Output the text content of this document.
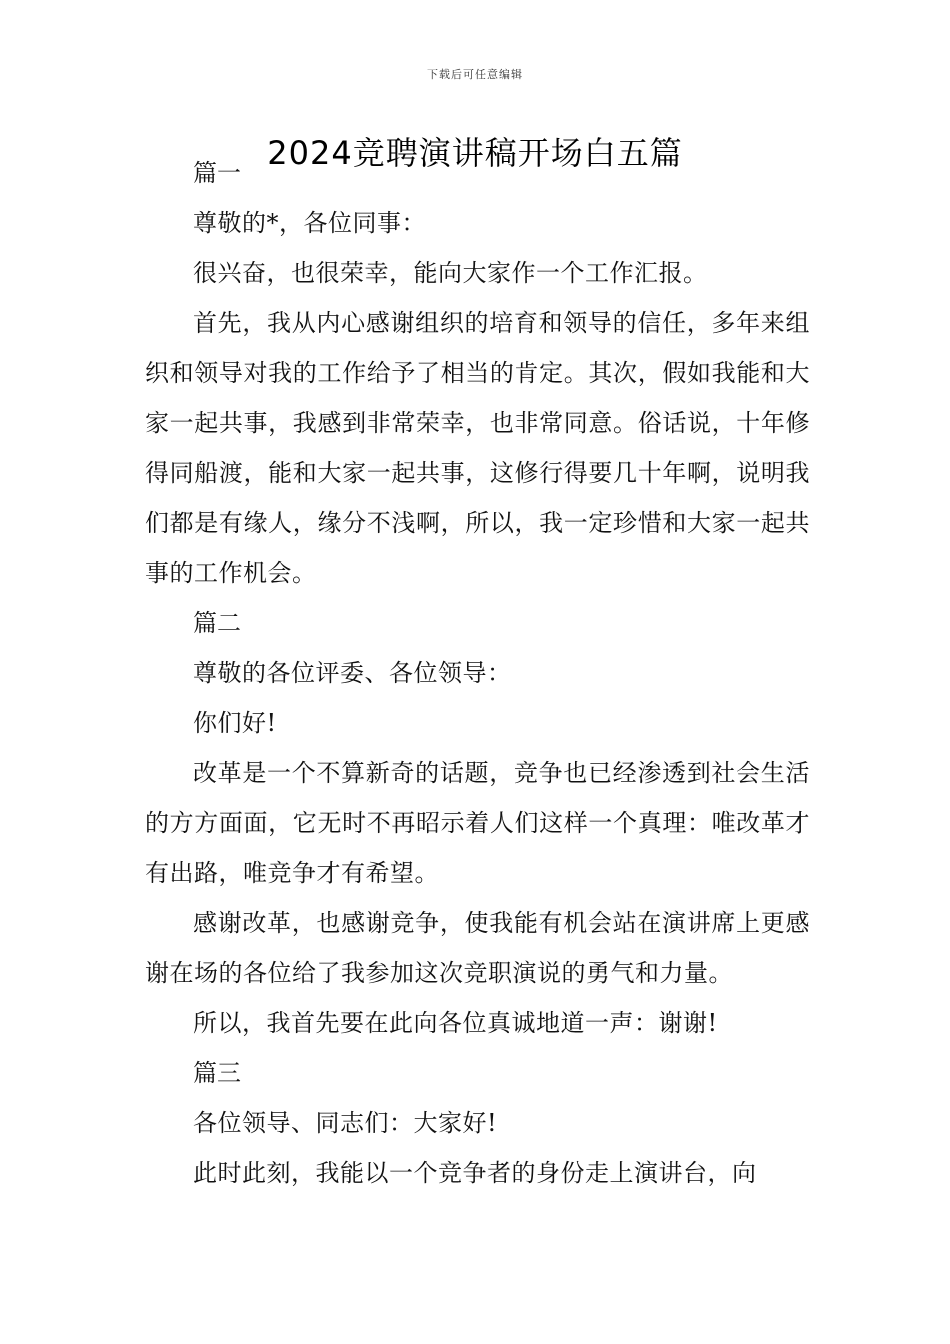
下载后可任意编辑
2024竞聘演讲稿开场白五篇

篇一

尊敬的*，各位同事：

很兴奋，也很荣幸，能向大家作一个工作汇报。

首先，我从内心感谢组织的培育和领导的信任，多年来组织和领导对我的工作给予了相当的肯定。其次，假如我能和大家一起共事，我感到非常荣幸，也非常同意。俗话说，十年修得同船渡，能和大家一起共事，这修行得要几十年啊，说明我们都是有缘人，缘分不浅啊，所以，我一定珍惜和大家一起共事的工作机会。

篇二

尊敬的各位评委、各位领导：

你们好!

改革是一个不算新奇的话题，竞争也已经渗透到社会生活的方方面面，它无时不再昭示着人们这样一个真理：唯改革才有出路，唯竞争才有希望。

感谢改革，也感谢竞争，使我能有机会站在演讲席上更感谢在场的各位给了我参加这次竞职演说的勇气和力量。

所以，我首先要在此向各位真诚地道一声：谢谢!

篇三

各位领导、同志们：大家好!

此时此刻，我能以一个竞争者的身份走上演讲台，向
